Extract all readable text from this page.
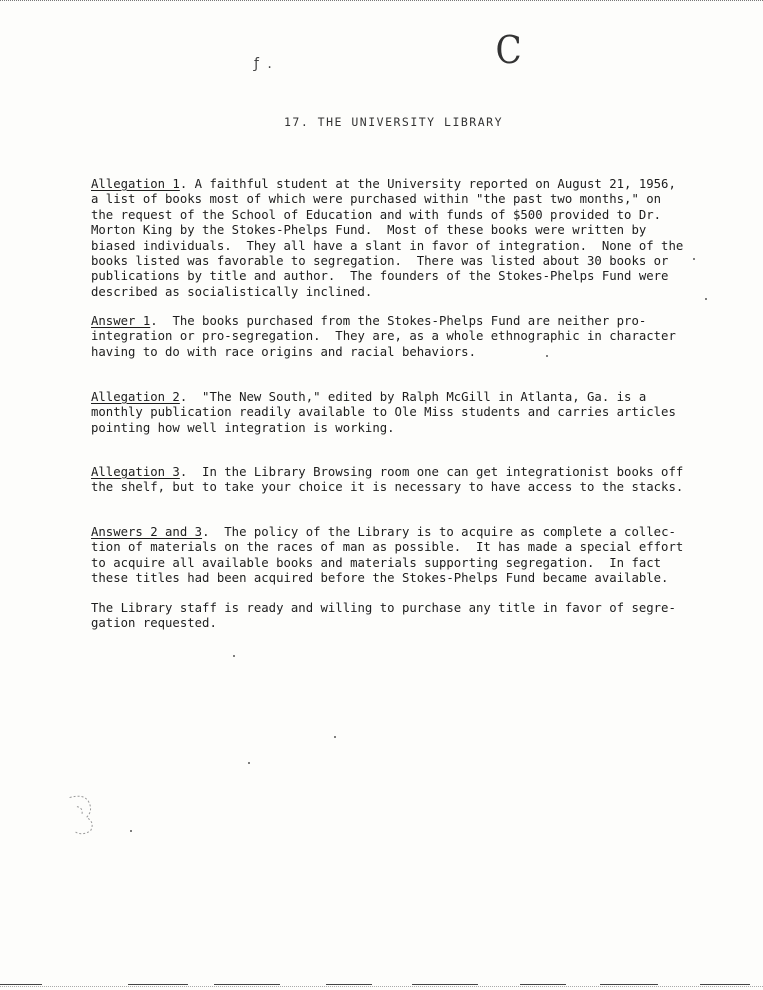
C
ƒ .
17. THE UNIVERSITY LIBRARY
Allegation 1. A faithful student at the University reported on August 21, 1956,
a list of books most of which were purchased within "the past two months," on
the request of the School of Education and with funds of $500 provided to Dr.
Morton King by the Stokes-Phelps Fund.  Most of these books were written by
biased individuals.  They all have a slant in favor of integration.  None of the
books listed was favorable to segregation.  There was listed about 30 books or
publications by title and author.  The founders of the Stokes-Phelps Fund were
described as socialistically inclined.
Answer 1.  The books purchased from the Stokes-Phelps Fund are neither pro-
integration or pro-segregation.  They are, as a whole ethnographic in character
having to do with race origins and racial behaviors.
Allegation 2.  "The New South," edited by Ralph McGill in Atlanta, Ga. is a
monthly publication readily available to Ole Miss students and carries articles
pointing how well integration is working.
Allegation 3.  In the Library Browsing room one can get integrationist books off
the shelf, but to take your choice it is necessary to have access to the stacks.
Answers 2 and 3.  The policy of the Library is to acquire as complete a collec-
tion of materials on the races of man as possible.  It has made a special effort
to acquire all available books and materials supporting segregation.  In fact
these titles had been acquired before the Stokes-Phelps Fund became available.
The Library staff is ready and willing to purchase any title in favor of segre-
gation requested.
